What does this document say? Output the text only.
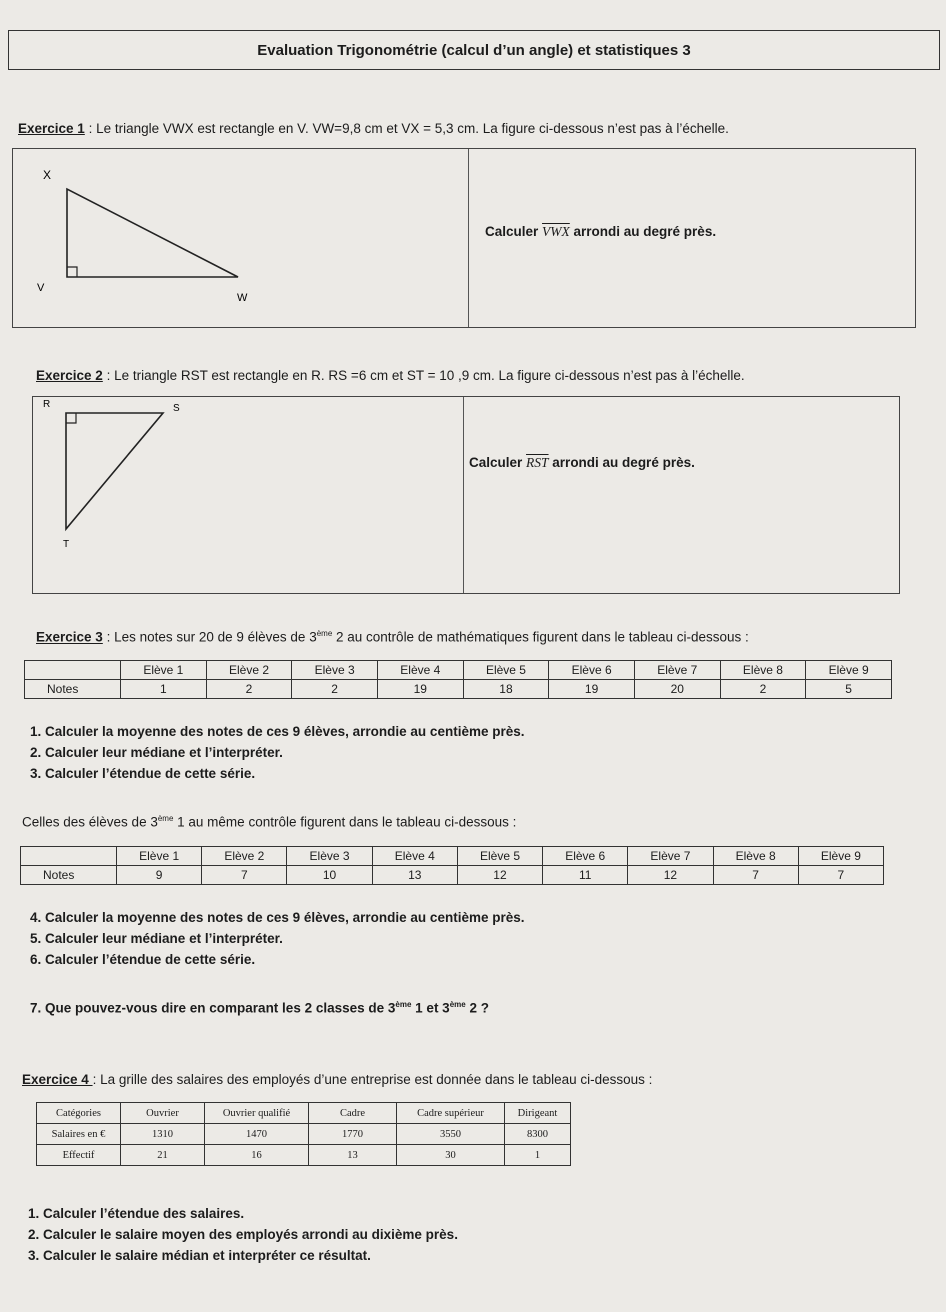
Evaluation Trigonométrie (calcul d’un angle) et statistiques 3
Exercice 1 : Le triangle VWX est rectangle en V. VW=9,8 cm et VX = 5,3 cm. La figure ci-dessous n’est pas à l’échelle.
X
V
W
Calculer $\overline{VWX}$ arrondi au degré près.
Exercice 2 : Le triangle RST est rectangle en R. RS =6 cm et ST = 10 ,9 cm. La figure ci-dessous n’est pas à l’échelle.
R	S
T
Calculer $\overline{RST}$ arrondi au degré près.
Exercice 3 : Les notes sur 20 de 9 élèves de 3ème 2 au contrôle de mathématiques figurent dans le tableau ci-dessous :
	Elève 1	Elève 2	Elève 3	Elève 4	Elève 5	Elève 6	Elève 7	Elève 8	Elève 9
Notes	1	2	2	19	18	19	20	2	5
1. Calculer la moyenne des notes de ces 9 élèves, arrondie au centième près.
2. Calculer leur médiane et l’interpréter.
3. Calculer l’étendue de cette série.
Celles des élèves de 3ème 1 au même contrôle figurent dans le tableau ci-dessous :
	Elève 1	Elève 2	Elève 3	Elève 4	Elève 5	Elève 6	Elève 7	Elève 8	Elève 9
Notes	9	7	10	13	12	11	12	7	7
4. Calculer la moyenne des notes de ces 9 élèves, arrondie au centième près.
5. Calculer leur médiane et l’interpréter.
6. Calculer l’étendue de cette série.
7. Que pouvez-vous dire en comparant les 2 classes de 3ème 1 et 3ème 2 ?
Exercice 4 : La grille des salaires des employés d’une entreprise est donnée dans le tableau ci-dessous :
Catégories	Ouvrier	Ouvrier qualifié	Cadre	Cadre supérieur	Dirigeant
Salaires en €	1310	1470	1770	3550	8300
Effectif	21	16	13	30	1
1. Calculer l’étendue des salaires.
2. Calculer le salaire moyen des employés arrondi au dixième près.
3. Calculer le salaire médian et interpréter ce résultat.
